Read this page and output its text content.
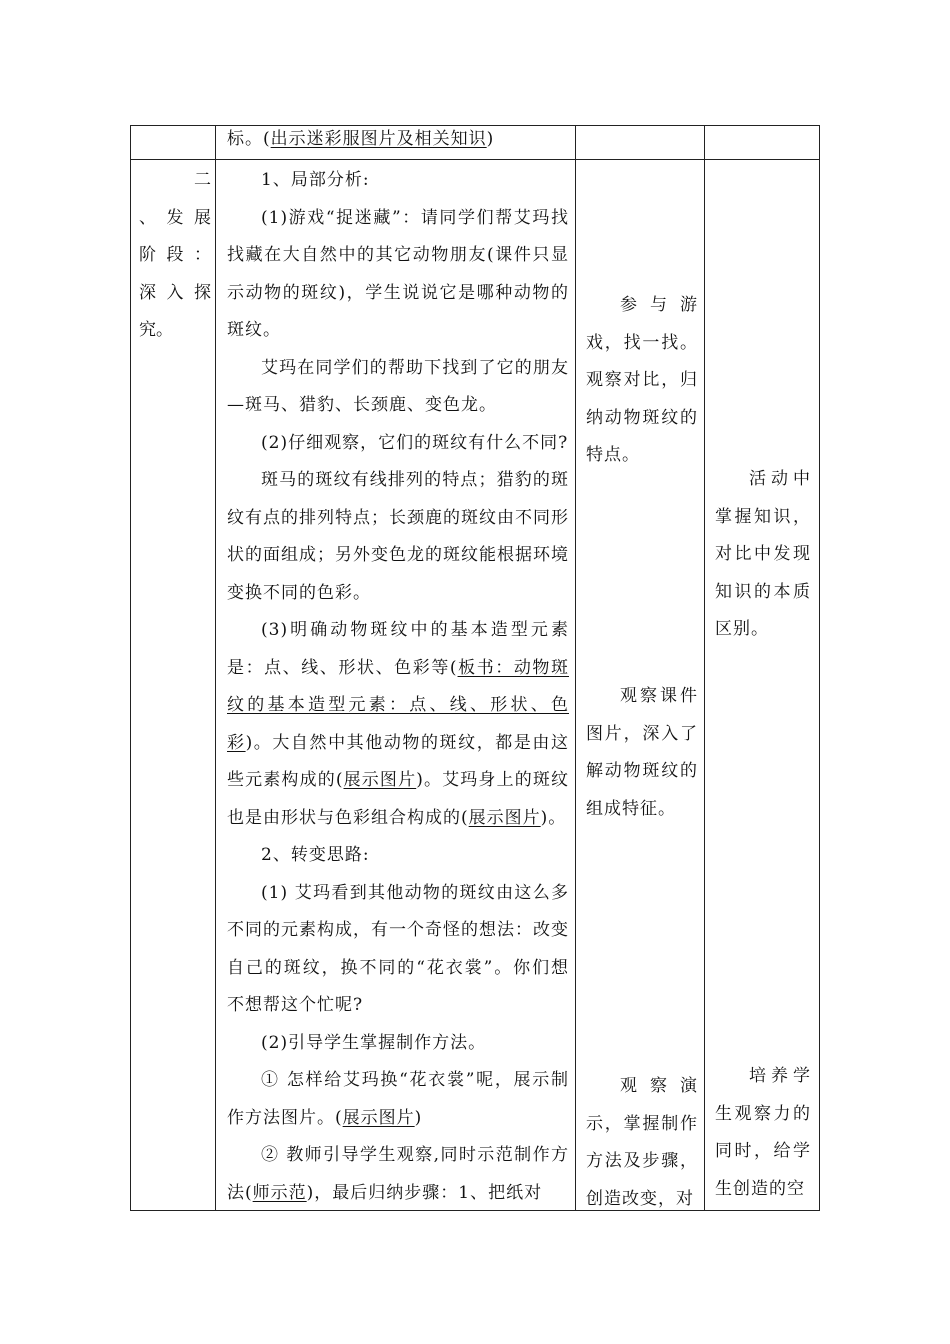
标。(出示迷彩服图片及相关知识)
二
、发展
阶段：
深入探
究。

1、局部分析:

(1)游戏“捉迷藏”：请同学们帮艾玛找找藏在大自然中的其它动物朋友(课件只显示动物的斑纹)，学生说说它是哪种动物的斑纹。

艾玛在同学们的帮助下找到了它的朋友—斑马、猎豹、长颈鹿、变色龙。

(2)仔细观察，它们的斑纹有什么不同?

斑马的斑纹有线排列的特点；猎豹的斑纹有点的排列特点；长颈鹿的斑纹由不同形状的面组成；另外变色龙的斑纹能根据环境变换不同的色彩。

(3)明确动物斑纹中的基本造型元素是：点、线、形状、色彩等(板书：动物斑纹的基本造型元素：点、线、形状、色彩)。大自然中其他动物的斑纹，都是由这些元素构成的(展示图片)。艾玛身上的斑纹也是由形状与色彩组合构成的(展示图片)。

2、转变思路:

(1) 艾玛看到其他动物的斑纹由这么多不同的元素构成，有一个奇怪的想法：改变自己的斑纹，换不同的“花衣裳”。你们想不想帮这个忙呢?

(2)引导学生掌握制作方法。

① 怎样给艾玛换“花衣裳”呢，展示制作方法图片。(展示图片)

② 教师引导学生观察,同时示范制作方法(师示范)，最后归纳步骤：1、把纸对

参与游戏，找一找。观察对比，归纳动物斑纹的特点。

观察课件图片，深入了解动物斑纹的组成特征。

观察演示，掌握制作方法及步骤，创造改变，对

活动中掌握知识，对比中发现知识的本质区别。

培养学生观察力的同时，给学生创造的空
